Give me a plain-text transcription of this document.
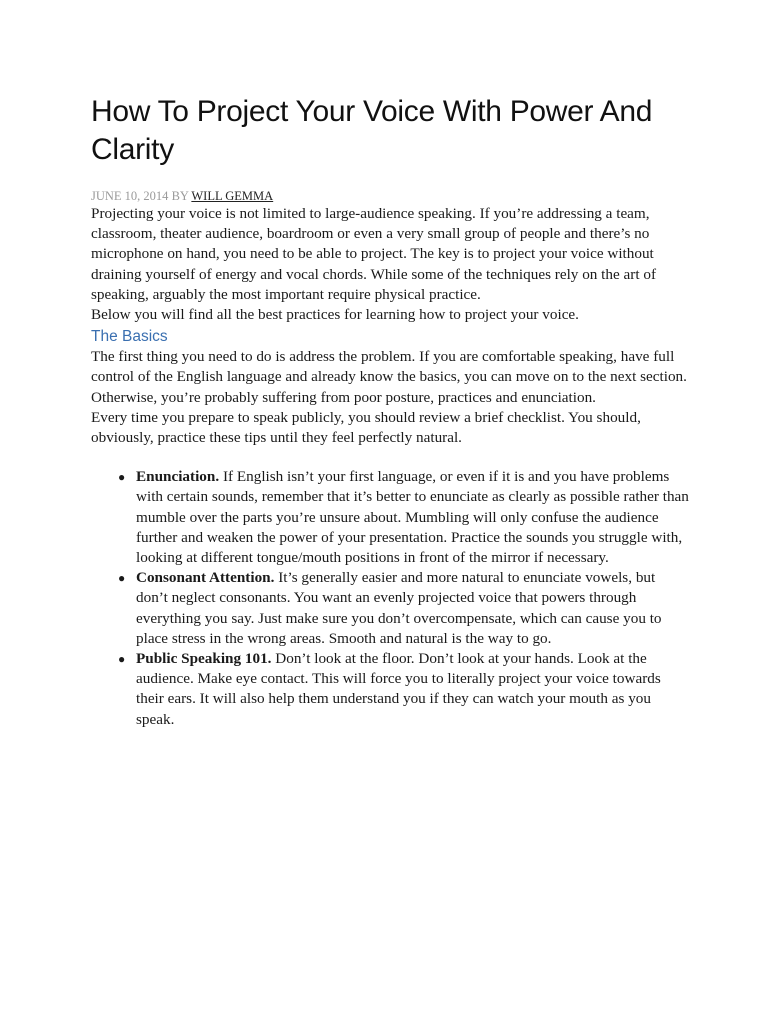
How To Project Your Voice With Power And Clarity
JUNE 10, 2014 BY WILL GEMMA

Projecting your voice is not limited to large-audience speaking. If you’re addressing a team, classroom, theater audience, boardroom or even a very small group of people and there’s no microphone on hand, you need to be able to project. The key is to project your voice without draining yourself of energy and vocal chords. While some of the techniques rely on the art of speaking, arguably the most important require physical practice.

Below you will find all the best practices for learning how to project your voice.

The Basics

The first thing you need to do is address the problem. If you are comfortable speaking, have full control of the English language and already know the basics, you can move on to the next section. Otherwise, you’re probably suffering from poor posture, practices and enunciation.

Every time you prepare to speak publicly, you should review a brief checklist. You should, obviously, practice these tips until they feel perfectly natural.

● Enunciation. If English isn’t your first language, or even if it is and you have problems with certain sounds, remember that it’s better to enunciate as clearly as possible rather than mumble over the parts you’re unsure about. Mumbling will only confuse the audience further and weaken the power of your presentation. Practice the sounds you struggle with, looking at different tongue/mouth positions in front of the mirror if necessary.
● Consonant Attention. It’s generally easier and more natural to enunciate vowels, but don’t neglect consonants. You want an evenly projected voice that powers through everything you say. Just make sure you don’t overcompensate, which can cause you to place stress in the wrong areas. Smooth and natural is the way to go.
● Public Speaking 101. Don’t look at the floor. Don’t look at your hands. Look at the audience. Make eye contact. This will force you to literally project your voice towards their ears. It will also help them understand you if they can watch your mouth as you speak.
